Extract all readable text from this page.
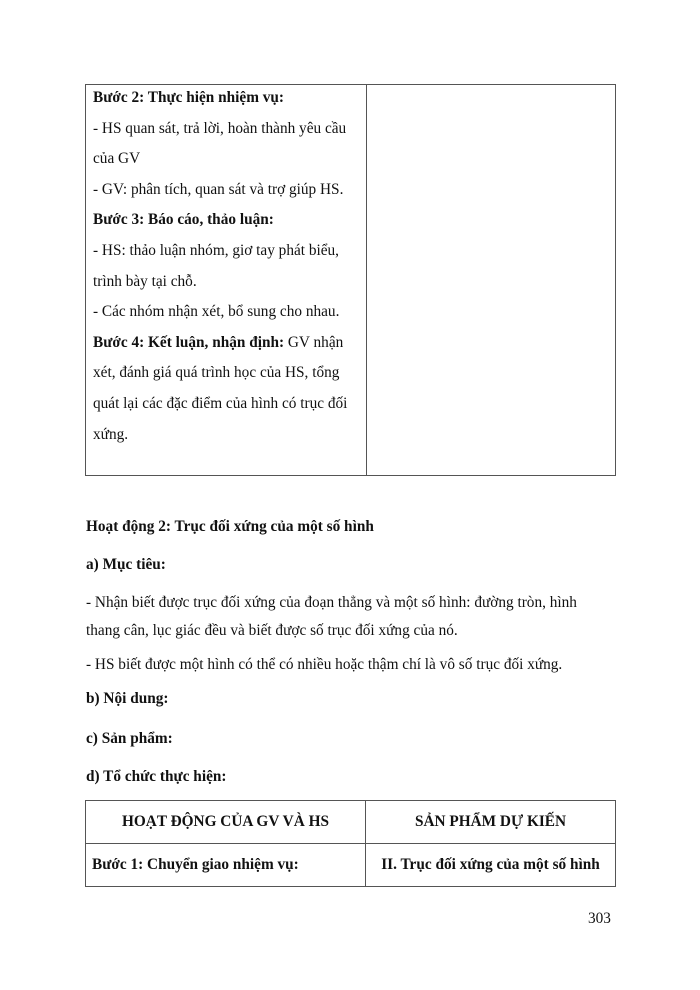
Bước 2: Thực hiện nhiệm vụ:

- HS quan sát, trả lời, hoàn thành yêu cầu
của GV

- GV: phân tích, quan sát và trợ giúp HS.

Bước 3: Báo cáo, thảo luận:

- HS: thảo luận nhóm, giơ tay phát biểu,
trình bày tại chỗ.

- Các nhóm nhận xét, bổ sung cho nhau.

Bước 4: Kết luận, nhận định: GV nhận
xét, đánh giá quá trình học của HS, tổng
quát lại các đặc điểm của hình có trục đối
xứng.

Hoạt động 2: Trục đối xứng của một số hình
a) Mục tiêu:
- Nhận biết được trục đối xứng của đoạn thẳng và một số hình: đường tròn, hình
thang cân, lục giác đều và biết được số trục đối xứng của nó.
- HS biết được một hình có thể có nhiều hoặc thậm chí là vô số trục đối xứng.
b) Nội dung:
c) Sản phẩm:
d) Tổ chức thực hiện:
HOẠT ĐỘNG CỦA GV VÀ HS	SẢN PHẨM DỰ KIẾN
Bước 1: Chuyển giao nhiệm vụ:	II. Trục đối xứng của một số hình
303
